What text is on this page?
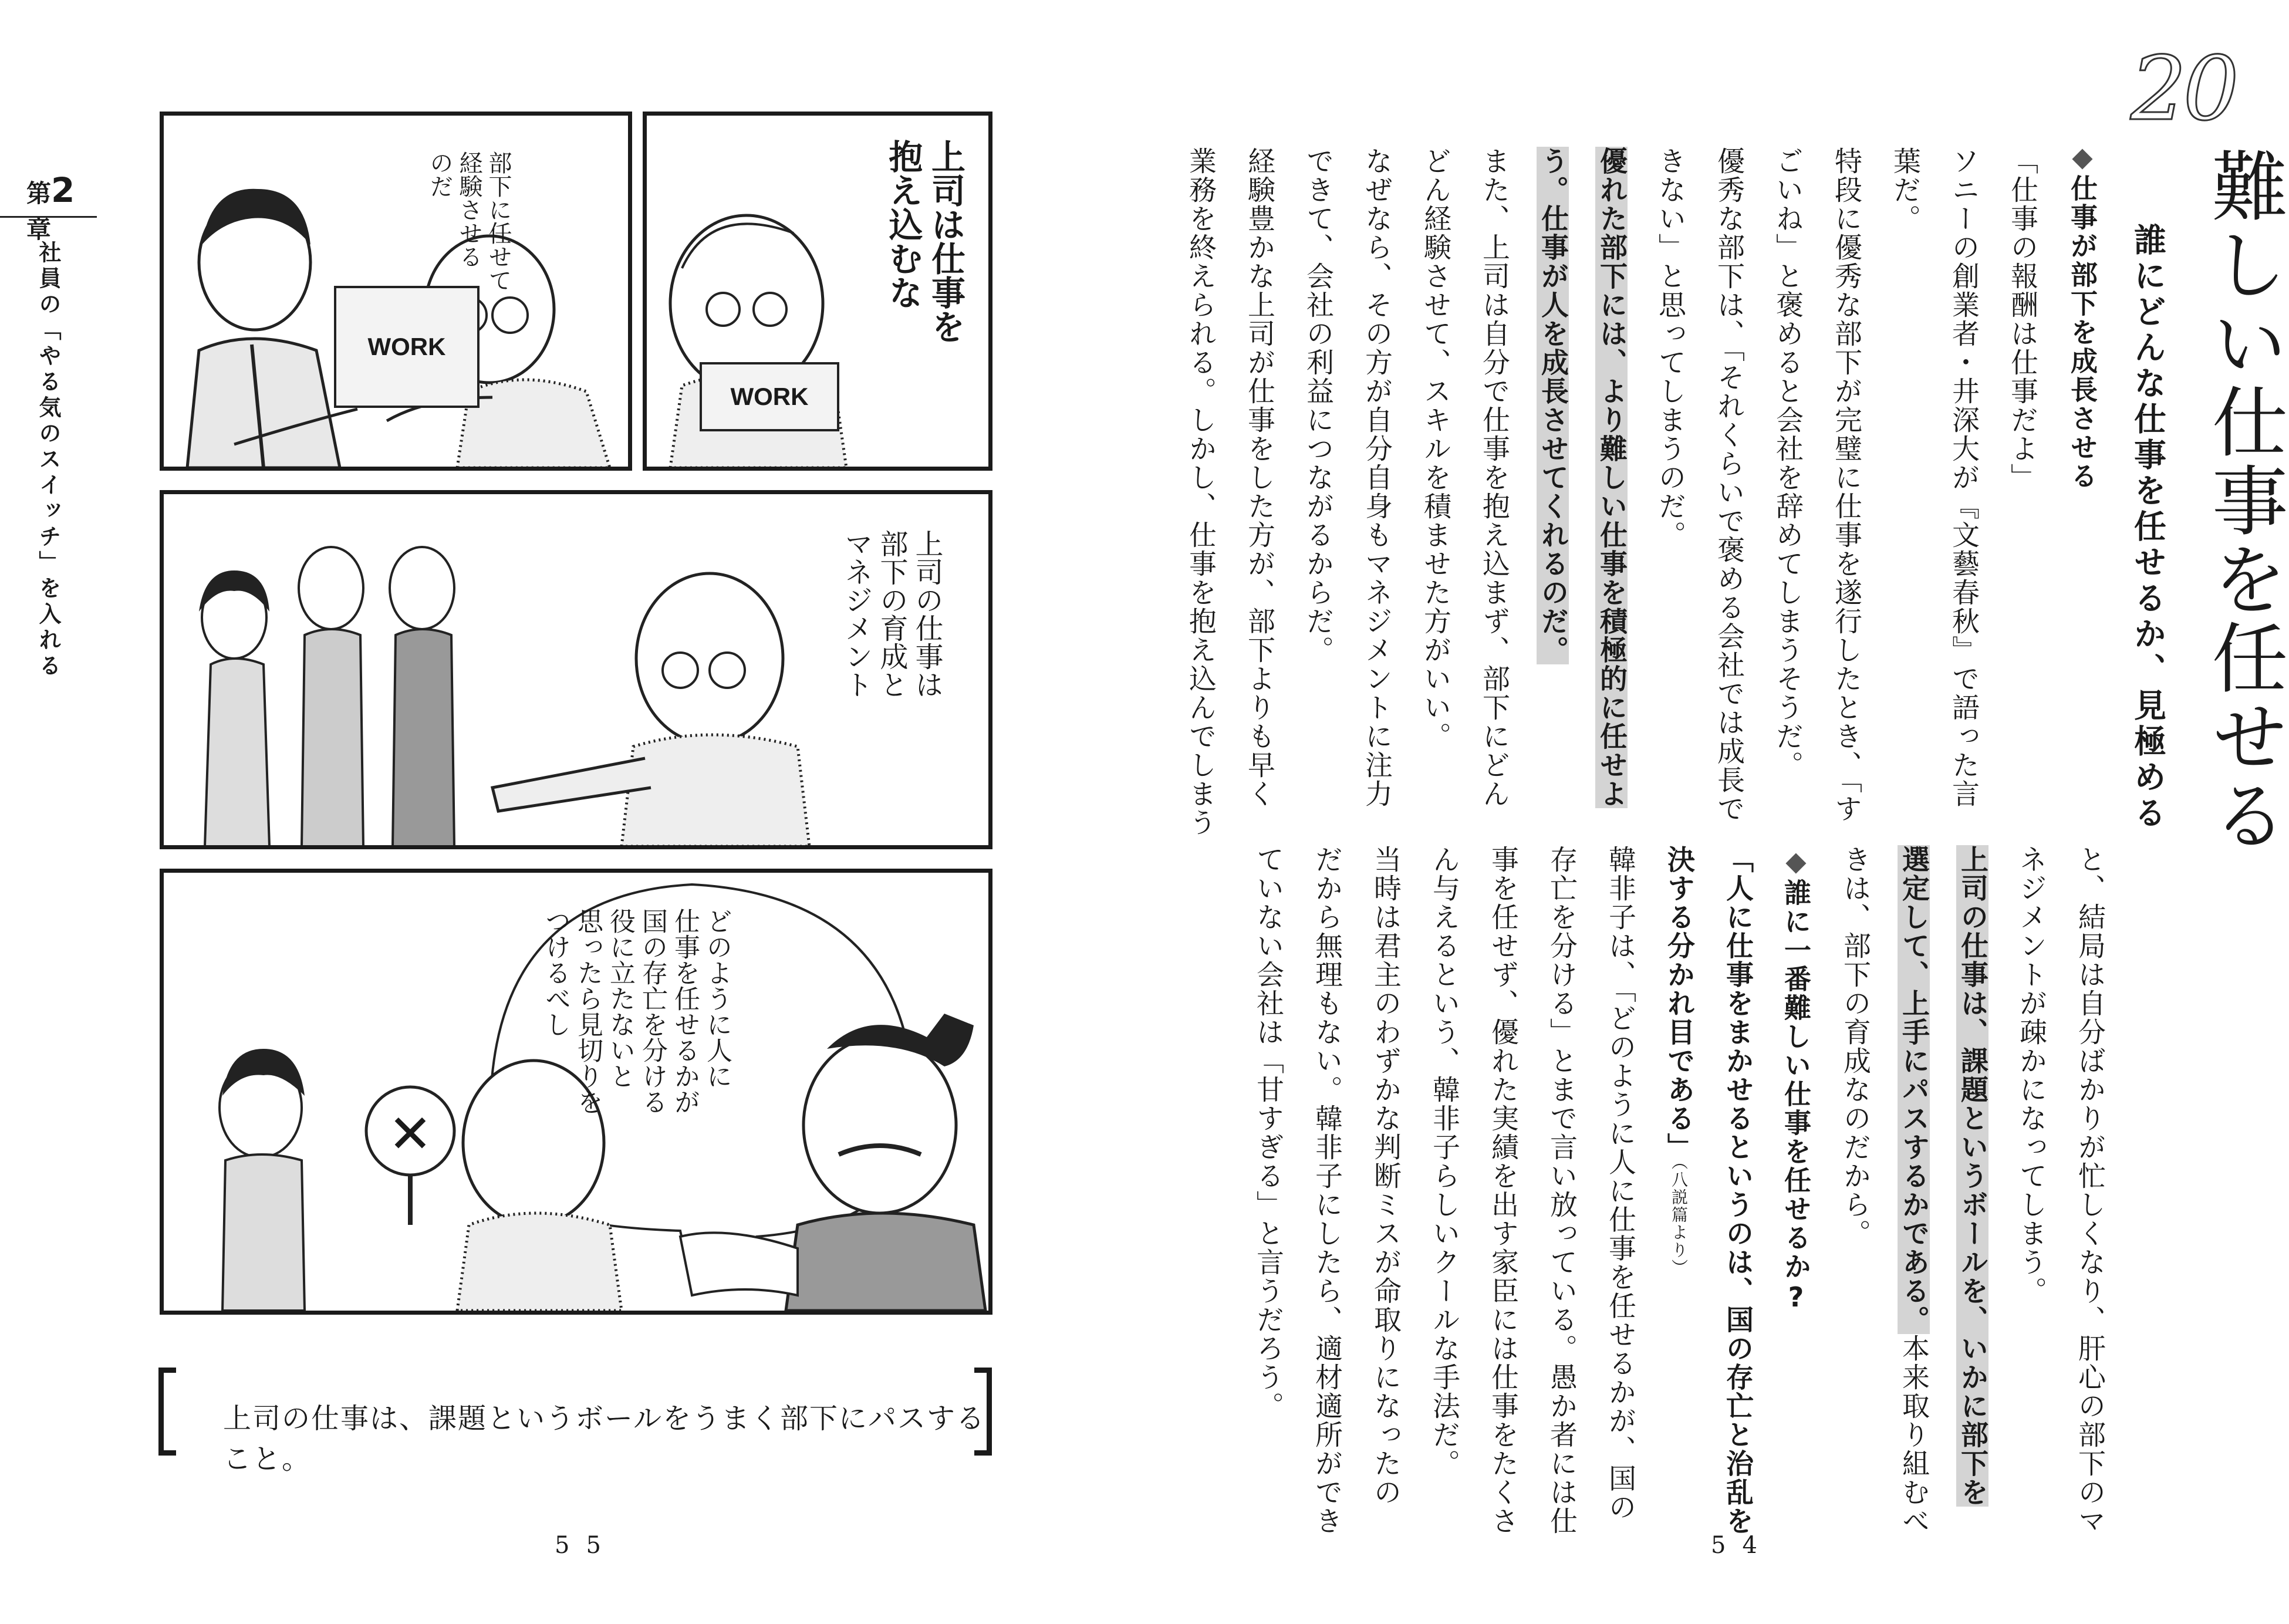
第2章
社員の「やる気のスイッチ」を入れる	WORK
部下に任せて
経験させる
のだ
WORK
上司は仕事を
抱え込むな
上司の仕事は
部下の育成と
マネジメント
✕
どのように人に
仕事を任せるかが
国の存亡を分ける
役に立たないと
思ったら見切りを
つけるべし
上司の仕事は、課題というボールをうまく部下にパスすること。
55
20
難しい仕事を任せる
誰にどんな仕事を任せるか、見極める
◆仕事が部下を成長させる
「仕事の報酬は仕事だよ」
ソニーの創業者・井深大が『文藝春秋』で語った言
葉だ。
特段に優秀な部下が完璧に仕事を遂行したとき、「す
ごいね」と褒めると会社を辞めてしまうそうだ。
優秀な部下は、「それくらいで褒める会社では成長で
きない」と思ってしまうのだ。
優れた部下には、より難しい仕事を積極的に任せよ
う。仕事が人を成長させてくれるのだ。
また、上司は自分で仕事を抱え込まず、部下にどん
どん経験させて、スキルを積ませた方がいい。
なぜなら、その方が自分自身もマネジメントに注力
できて、会社の利益につながるからだ。
経験豊かな上司が仕事をした方が、部下よりも早く
業務を終えられる。しかし、仕事を抱え込んでしまう
と、結局は自分ばかりが忙しくなり、肝心の部下のマ
ネジメントが疎かになってしまう。
上司の仕事は、課題というボールを、いかに部下を
選定して、上手にパスするかである。本来取り組むべ
きは、部下の育成なのだから。
◆誰に一番難しい仕事を任せるか?
「人に仕事をまかせるというのは、国の存亡と治乱を
決する分かれ目である」（八説篇より）
韓非子は、「どのように人に仕事を任せるかが、国の
存亡を分ける」とまで言い放っている。愚か者には仕
事を任せず、優れた実績を出す家臣には仕事をたくさ
ん与えるという、韓非子らしいクールな手法だ。
当時は君主のわずかな判断ミスが命取りになったの
だから無理もない。韓非子にしたら、適材適所ができ
ていない会社は「甘すぎる」と言うだろう。
54
